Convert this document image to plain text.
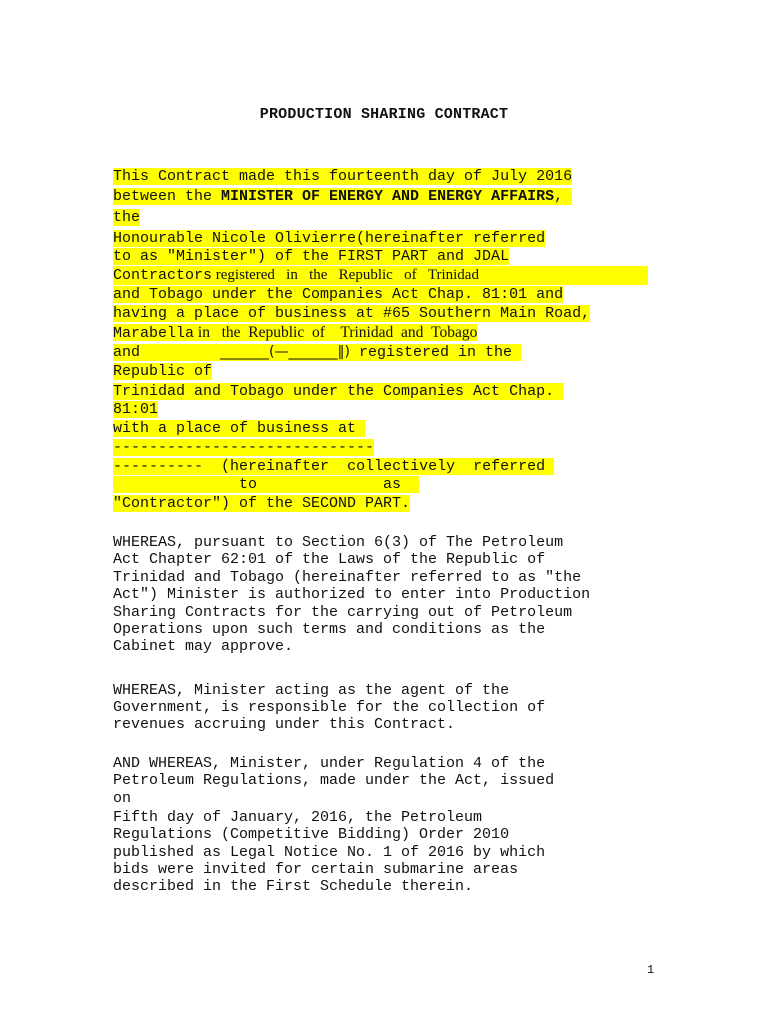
PRODUCTION SHARING CONTRACT
This Contract made this fourteenth day of July 2016
between the MINISTER OF ENERGY AND ENERGY AFFAIRS,
the
Honourable Nicole Olivierre(hereinafter referred
to as "Minister") of the FIRST PART and JDAL
Contractors registered in the Republic of Trinidad
and Tobago under the Companies Act Chap. 81:01 and
having a place of business at #65 Southern Main Road,
Marabella in the Republic of Trinidad and Tobago
and	_______(—_______‖) registered in the
Republic of
Trinidad and Tobago under the Companies Act Chap.
81:01
with a place of business at
-----------------------------
---------- (hereinafter collectively referred
to	as
"Contractor") of the SECOND PART.
WHEREAS, pursuant to Section 6(3) of The Petroleum
Act Chapter 62:01 of the Laws of the Republic of
Trinidad and Tobago (hereinafter referred to as "the
Act") Minister is authorized to enter into Production
Sharing Contracts for the carrying out of Petroleum
Operations upon such terms and conditions as the
Cabinet may approve.
WHEREAS, Minister acting as the agent of the
Government, is responsible for the collection of
revenues accruing under this Contract.
AND WHEREAS, Minister, under Regulation 4 of the
Petroleum Regulations, made under the Act, issued
on
Fifth day of January, 2016, the Petroleum
Regulations (Competitive Bidding) Order 2010
published as Legal Notice No. 1 of 2016 by which
bids were invited for certain submarine areas
described in the First Schedule therein.
1
